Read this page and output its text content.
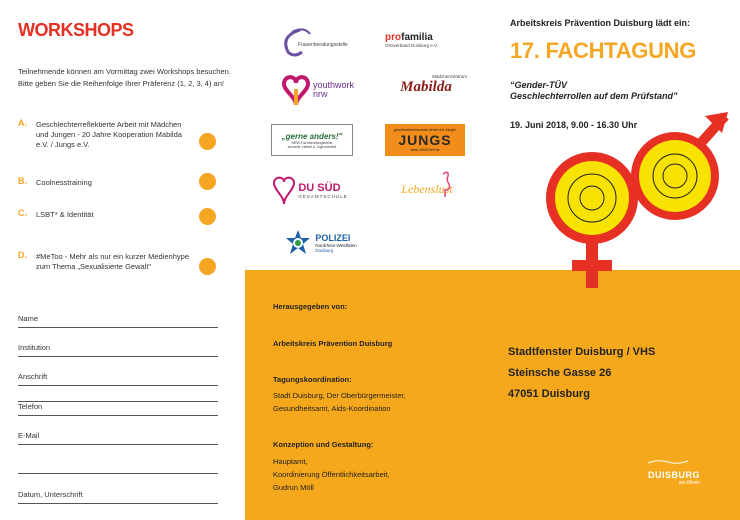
WORKSHOPS
Teilnehmende können am Vormittag zwei Workshops besuchen. Bitte geben Sie die Reihenfolge Ihrer Präferenz (1, 2, 3, 4) an!
A. Geschlechterreflektierte Arbeit mit Mädchen und Jungen - 20 Jahre Kooperation Mabilda e.V. / Jungs e.V.
B. Coolnesstraining
C. LSBT* & Identität
D. #MeToo - Mehr als nur ein kurzer Medienhype zum Thema „Sexualisierte Gewalt"
Name
Institution
Anschrift
Telefon
E-Mail
Datum, Unterschrift
Frauenberatungsstelle
profamilia
Ortsverband Duisburg e.V.
youthwork
nrw
Mädchenzentrum
Mabilda
„gerne anders!"
NRW-Fachberatungsstelle
sexuelle Vielfalt & Jugendarbeit
geschlechterbewusste Arbeit mit Jungen
JUNGS
www.JUNGSeV.de
DU SÜD
GESAMTSCHULE
Lebenslust
POLIZEI
Nordrhein-Westfalen
Duisburg
Herausgegeben von:
Arbeitskreis Prävention Duisburg
Tagungskoordination:
Stadt Duisburg, Der Oberbürgermeister,
Gesundheitsamt, Aids-Koordination
Konzeption und Gestaltung:
Hauptamt,
Koordinierung Öffentlichkeitsarbeit,
Gudrun Möll
Stadtfenster Duisburg / VHS
Steinsche Gasse 26
47051 Duisburg
Arbeitskreis Prävention Duisburg lädt ein:
17. FACHTAGUNG
“Gender-TÜV
Geschlechterrollen auf dem Prüfstand”
19. Juni 2018, 9.00 - 16.30 Uhr
DUISBURG
am Rhein
